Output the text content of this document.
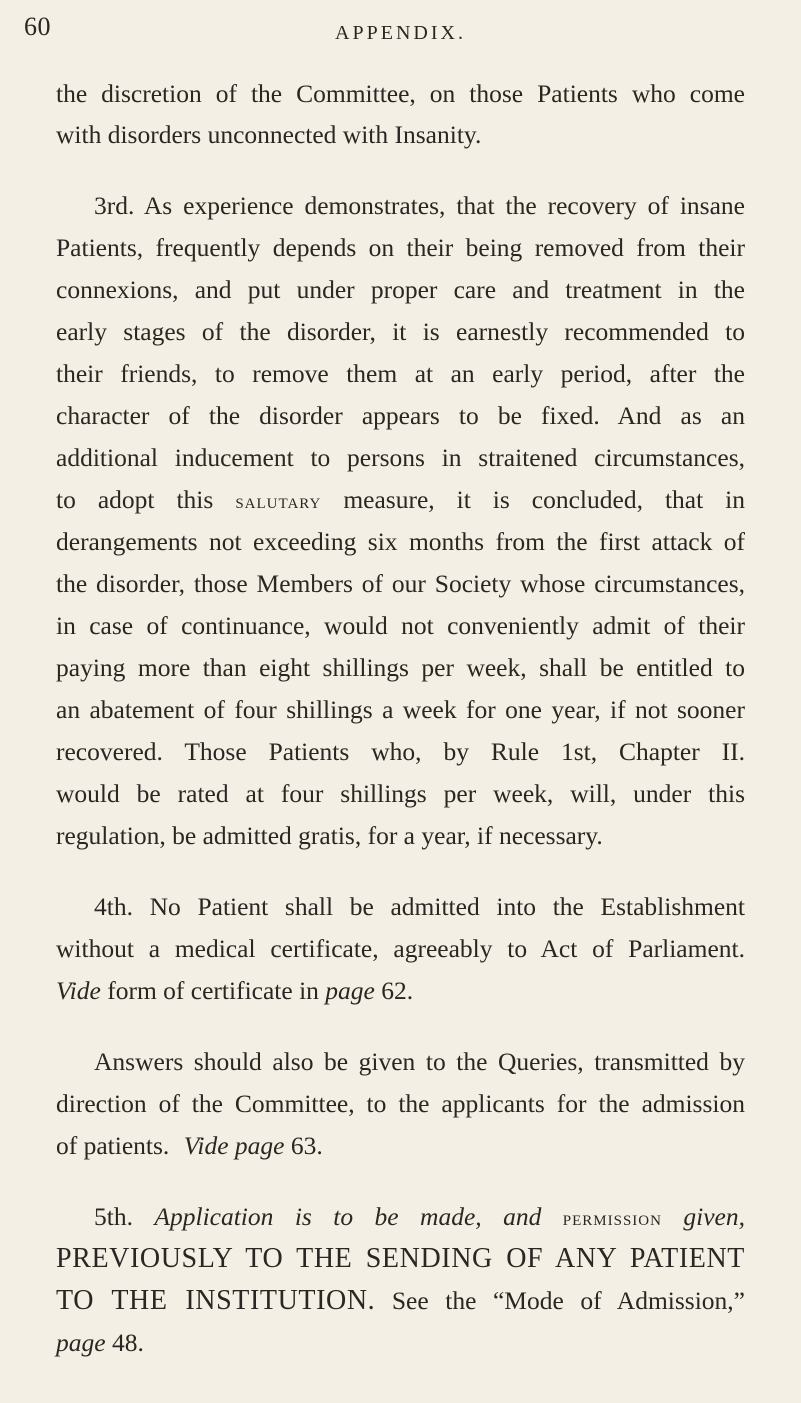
60	APPENDIX.
the discretion of the Committee, on those Patients who come
with disorders unconnected with Insanity.
3rd. As experience demonstrates, that the recovery of insane
Patients, frequently depends on their being removed from their
connexions, and put under proper care and treatment in the
early stages of the disorder, it is earnestly recommended to
their friends, to remove them at an early period, after the
character of the disorder appears to be fixed. And as an
additional inducement to persons in straitened circumstances,
to adopt this salutary measure, it is concluded, that in
derangements not exceeding six months from the first attack of
the disorder, those Members of our Society whose circumstances,
in case of continuance, would not conveniently admit of their
paying more than eight shillings per week, shall be entitled to
an abatement of four shillings a week for one year, if not sooner
recovered. Those Patients who, by Rule 1st, Chapter II.
would be rated at four shillings per week, will, under this
regulation, be admitted gratis, for a year, if necessary.
4th. No Patient shall be admitted into the Establishment
without a medical certificate, agreeably to Act of Parliament.
Vide form of certificate in page 62.
Answers should also be given to the Queries, transmitted by
direction of the Committee, to the applicants for the admission
of patients. Vide page 63.
5th. Application is to be made, and permission given,
PREVIOUSLY TO THE SENDING OF ANY PATIENT
TO THE INSTITUTION. See the “Mode of Admission,”
page 48.
